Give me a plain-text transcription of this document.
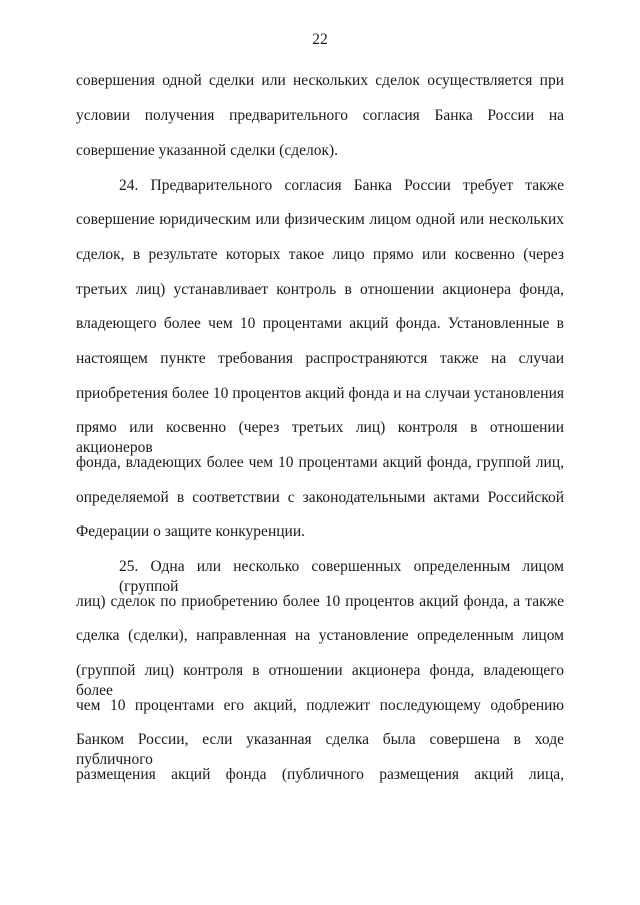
22
совершения одной сделки или нескольких сделок осуществляется при
условии получения предварительного согласия Банка России на
совершение указанной сделки (сделок).
24. Предварительного согласия Банка России требует также
совершение юридическим или физическим лицом одной или нескольких
сделок, в результате которых такое лицо прямо или косвенно (через
третьих лиц) устанавливает контроль в отношении акционера фонда,
владеющего более чем 10 процентами акций фонда. Установленные в
настоящем пункте требования распространяются также на случаи
приобретения более 10 процентов акций фонда и на случаи установления
прямо или косвенно (через третьих лиц) контроля в отношении акционеров
фонда, владеющих более чем 10 процентами акций фонда, группой лиц,
определяемой в соответствии с законодательными актами Российской
Федерации о защите конкуренции.
25. Одна или несколько совершенных определенным лицом (группой
лиц) сделок по приобретению более 10 процентов акций фонда, а также
сделка (сделки), направленная на установление определенным лицом
(группой лиц) контроля в отношении акционера фонда, владеющего более
чем 10 процентами его акций, подлежит последующему одобрению
Банком России, если указанная сделка была совершена в ходе публичного
размещения акций фонда (публичного размещения акций лица,
